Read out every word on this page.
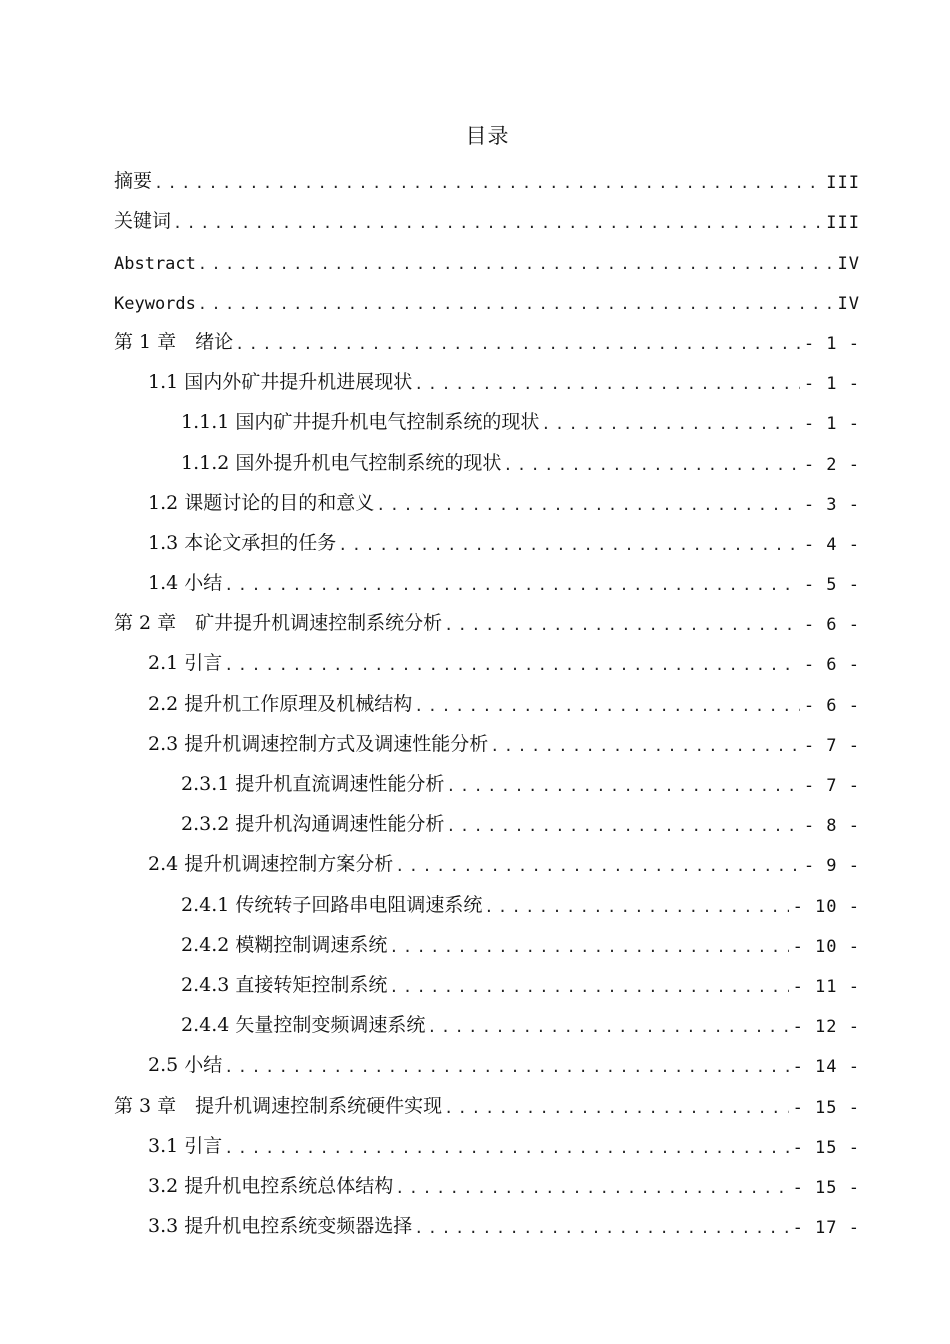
目录
摘要 .....	III
关键词 .....	III
Abstract .....	IV
Keywords .....	IV
第 1 章　绪论 .....	- 1 -
1.1 国内外矿井提升机进展现状 .....	- 1 -
1.1.1 国内矿井提升机电气控制系统的现状 .....	- 1 -
1.1.2 国外提升机电气控制系统的现状 .....	- 2 -
1.2 课题讨论的目的和意义 .....	- 3 -
1.3 本论文承担的任务 .....	- 4 -
1.4 小结 .....	- 5 -
第 2 章　矿井提升机调速控制系统分析 .....	- 6 -
2.1 引言 .....	- 6 -
2.2 提升机工作原理及机械结构 .....	- 6 -
2.3 提升机调速控制方式及调速性能分析 .....	- 7 -
2.3.1 提升机直流调速性能分析 .....	- 7 -
2.3.2 提升机沟通调速性能分析 .....	- 8 -
2.4 提升机调速控制方案分析 .....	- 9 -
2.4.1 传统转子回路串电阻调速系统 .....	- 10 -
2.4.2 模糊控制调速系统 .....	- 10 -
2.4.3 直接转矩控制系统 .....	- 11 -
2.4.4 矢量控制变频调速系统 .....	- 12 -
2.5 小结 .....	- 14 -
第 3 章　提升机调速控制系统硬件实现 .....	- 15 -
3.1 引言 .....	- 15 -
3.2 提升机电控系统总体结构 .....	- 15 -
3.3 提升机电控系统变频器选择 .....	- 17 -
